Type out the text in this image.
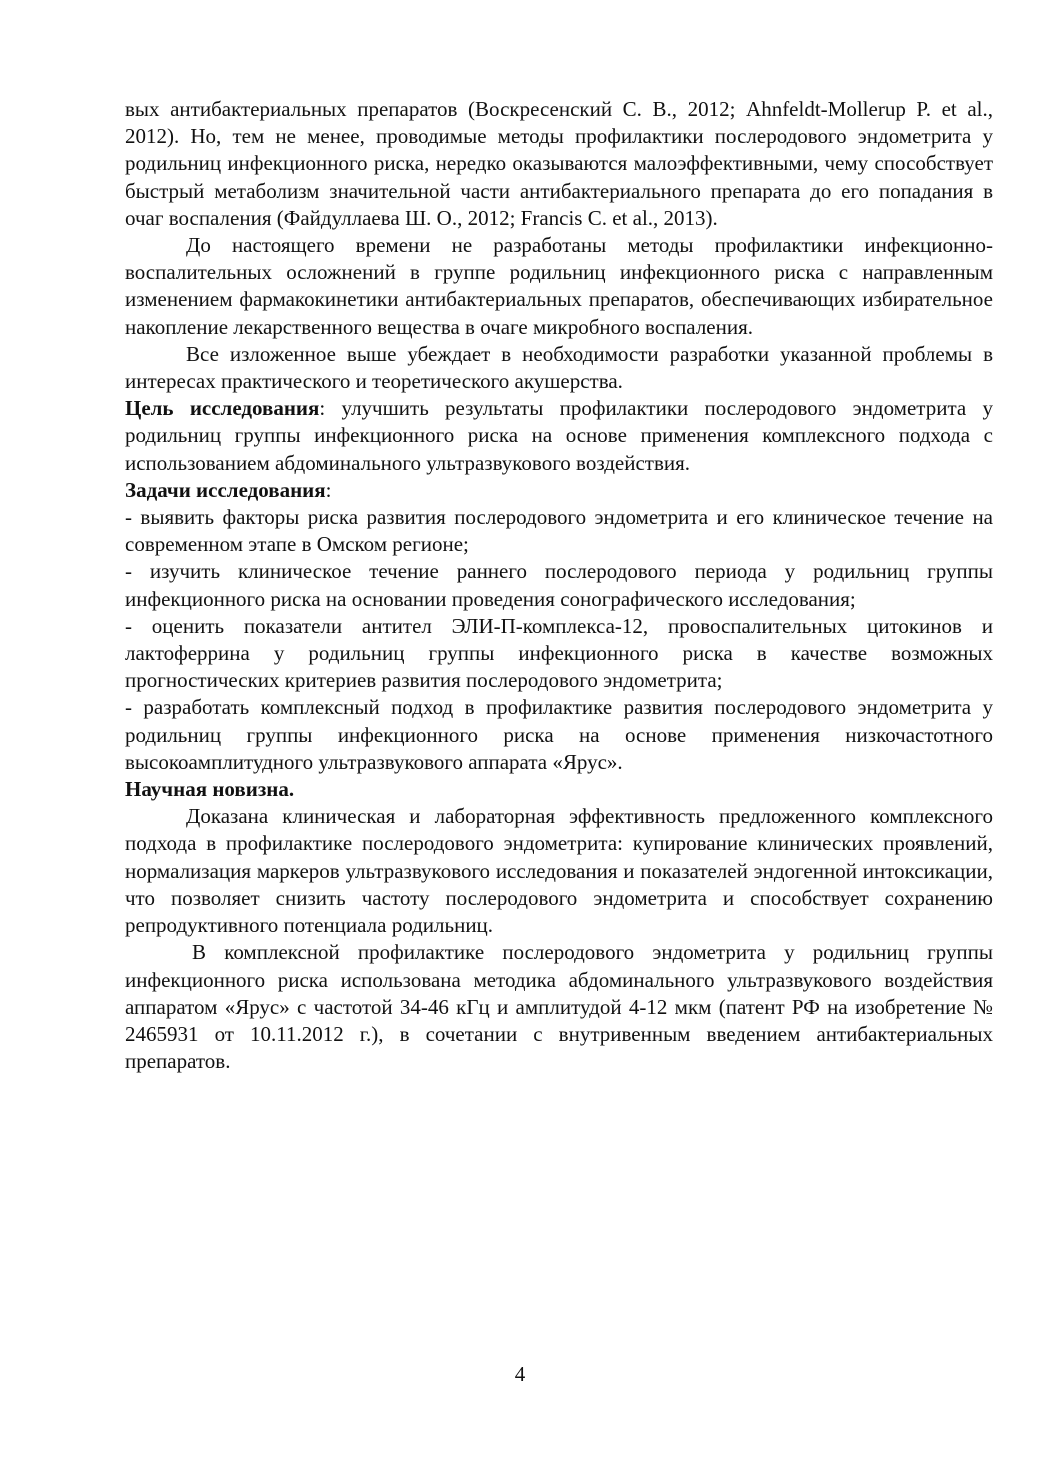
вых антибактериальных препаратов (Воскресенский С. В., 2012; Ahnfeldt-Mollerup P. et al., 2012). Но, тем не менее, проводимые методы профилактики послеродового эндометрита у родильниц инфекционного риска, нередко оказываются малоэффективными, чему способствует быстрый метаболизм значительной части антибактериального препарата до его попадания в очаг воспаления (Файдуллаева Ш. О., 2012; Francis C. et al., 2013).

До настоящего времени не разработаны методы профилактики инфекционно-воспалительных осложнений в группе родильниц инфекционного риска с направленным изменением фармакокинетики антибактериальных препаратов, обеспечивающих избирательное накопление лекарственного вещества в очаге микробного воспаления.

Все изложенное выше убеждает в необходимости разработки указанной проблемы в интересах практического и теоретического акушерства.

Цель исследования: улучшить результаты профилактики послеродового эндометрита у родильниц группы инфекционного риска на основе применения комплексного подхода с использованием абдоминального ультразвукового воздействия.

Задачи исследования:

- выявить факторы риска развития послеродового эндометрита и его клиническое течение на современном этапе в Омском регионе;

- изучить клиническое течение раннего послеродового периода у родильниц группы инфекционного риска на основании проведения сонографического исследования;

- оценить показатели антител ЭЛИ-П-комплекса-12, провоспалительных цитокинов и лактоферрина у родильниц группы инфекционного риска в качестве возможных прогностических критериев развития послеродового эндометрита;

- разработать комплексный подход в профилактике развития послеродового эндометрита у родильниц группы инфекционного риска на основе применения низкочастотного высокоамплитудного ультразвукового аппарата «Ярус».

Научная новизна.

Доказана клиническая и лабораторная эффективность предложенного комплексного подхода в профилактике послеродового эндометрита: купирование клинических проявлений, нормализация маркеров ультразвукового исследования и показателей эндогенной интоксикации, что позволяет снизить частоту послеродового эндометрита и способствует сохранению репродуктивного потенциала родильниц.

В комплексной профилактике послеродового эндометрита у родильниц группы инфекционного риска использована методика абдоминального ультразвукового воздействия аппаратом «Ярус» с частотой 34-46 кГц и амплитудой 4-12 мкм (патент РФ на изобретение № 2465931 от 10.11.2012 г.), в сочетании с внутривенным введением антибактериальных препаратов.

4
